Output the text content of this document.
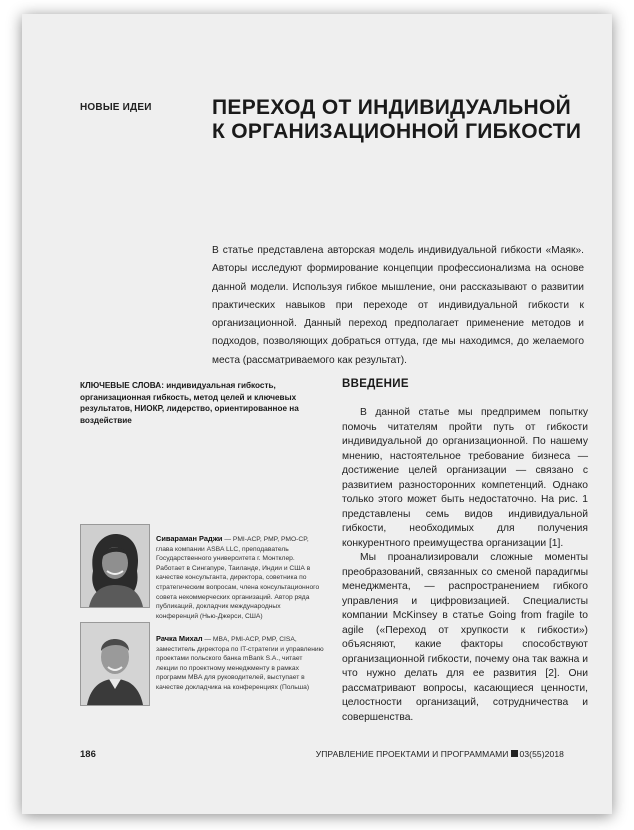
НОВЫЕ ИДЕИ	ПЕРЕХОД ОТ ИНДИВИДУАЛЬНОЙ
К ОРГАНИЗАЦИОННОЙ ГИБКОСТИ
В статье представлена авторская модель индивидуальной гибкости «Маяк». Авторы исследуют формирование концепции профессионализма на основе данной модели. Используя гибкое мышление, они рассказывают о развитии практических навыков при переходе от индивидуальной гибкости к организационной. Данный переход предполагает применение методов и подходов, позволяющих добраться оттуда, где мы находимся, до желаемого места (рассматриваемого как результат).
КЛЮЧЕВЫЕ СЛОВА: индивидуальная гибкость, организационная гибкость, метод целей и ключевых результатов, НИОКР, лидерство, ориентированное на воздействие
ВВЕДЕНИЕ

В данной статье мы предпримем попытку помочь читателям пройти путь от гибкости индивидуальной до организационной. По нашему мнению, настоятельное требование бизнеса — достижение целей организации — связано с развитием разносторонних компетенций. Однако только этого может быть недостаточно. На рис. 1 представлены семь видов индивидуальной гибкости, необходимых для получения конкурентного преимущества организации [1].

Мы проанализировали сложные моменты преобразований, связанных со сменой парадигмы менеджмента, — распространением гибкого управления и цифровизацией. Специалисты компании McKinsey в статье Going from fragile to agile («Переход от хрупкости к гибкости») объясняют, какие факторы способствуют организационной гибкости, почему она так важна и что нужно делать для ее развития [2]. Они рассматривают вопросы, касающиеся ценности, целостности организаций, сотрудничества и совершенства.

Сивараман Раджи — PMI-ACP, PMP, PMO-CP, глава компании ASBA LLC, преподаватель Государственного университета г. Монтклер. Работает в Сингапуре, Таиланде, Индии и США в качестве консультанта, директора, советника по стратегическим вопросам, члена консультационного совета некоммерческих организаций. Автор ряда публикаций, докладчик международных конференций (Нью-Джерси, США)
Рачка Михал — MBA, PMI-ACP, PMP, CISA, заместитель директора по IT-стратегии и управлению проектами польского банка mBank S.A., читает лекции по проектному менеджменту в рамках программ MBA для руководителей, выступает в качестве докладчика на конференциях (Польша)
186	УПРАВЛЕНИЕ ПРОЕКТАМИ И ПРОГРАММАМИ 03(55)2018
